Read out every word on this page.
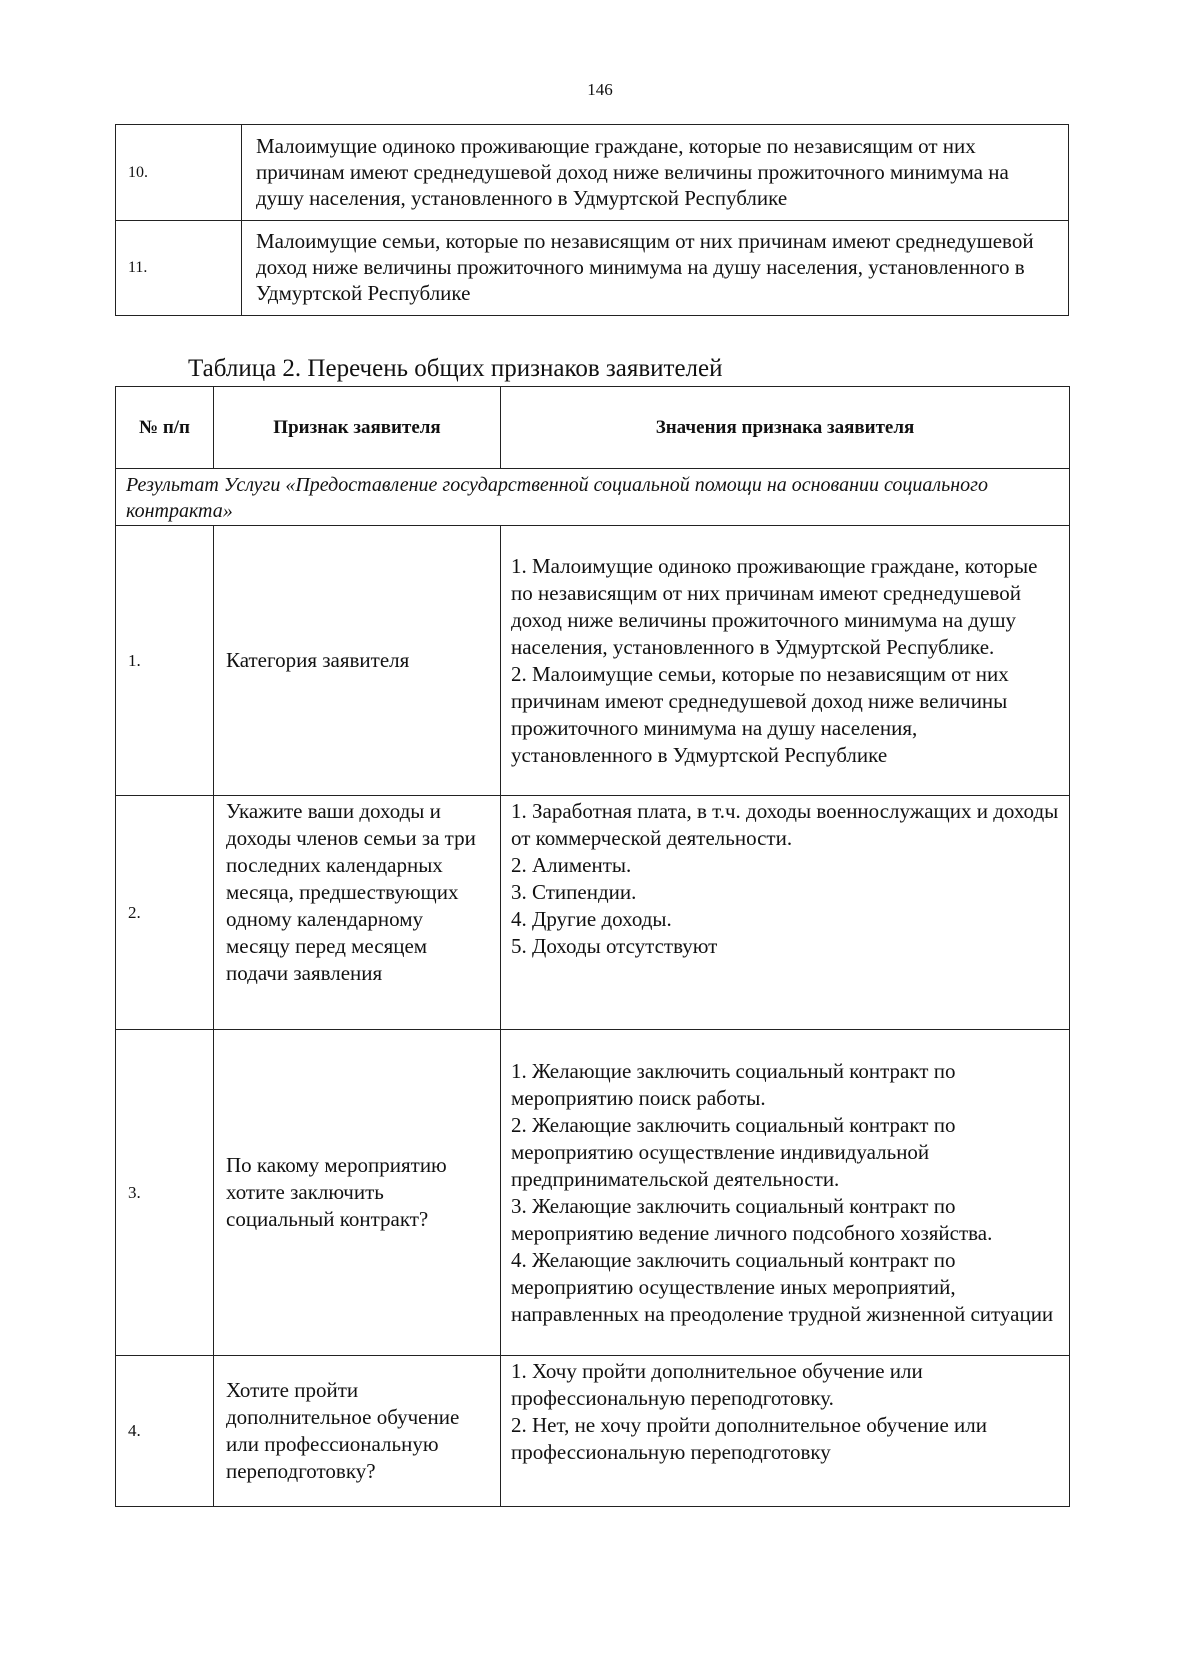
146
10.	Малоимущие одиноко проживающие граждане, которые по независящим от них причинам имеют среднедушевой доход ниже величины прожиточного минимума на душу населения, установленного в Удмуртской Республике
11.	Малоимущие семьи, которые по независящим от них причинам имеют среднедушевой доход ниже величины прожиточного минимума на душу населения, установленного в Удмуртской Республике
Таблица 2. Перечень общих признаков заявителей
№ п/п	Признак заявителя	Значения признака заявителя
Результат Услуги «Предоставление государственной социальной помощи на основании социального контракта»		
1.	Категория заявителя	1. Малоимущие одиноко проживающие граждане, которые по независящим от них причинам имеют среднедушевой доход ниже величины прожиточного минимума на душу населения, установленного в Удмуртской Республике.
2. Малоимущие семьи, которые по независящим от них причинам имеют среднедушевой доход ниже величины прожиточного минимума на душу населения, установленного в Удмуртской Республике

2.	Укажите ваши доходы и доходы членов семьи за три последних календарных месяца, предшествующих одному календарному месяцу перед месяцем подачи заявления	1. Заработная плата, в т.ч. доходы военнослужащих и доходы от коммерческой деятельности.
2. Алименты.
3. Стипендии.
4. Другие доходы.
5. Доходы отсутствуют

3.	По какому мероприятию хотите заключить социальный контракт?	1. Желающие заключить социальный контракт по мероприятию поиск работы.
2. Желающие заключить социальный контракт по мероприятию осуществление индивидуальной предпринимательской деятельности.
3. Желающие заключить социальный контракт по мероприятию ведение личного подсобного хозяйства.
4. Желающие заключить социальный контракт по мероприятию осуществление иных мероприятий, направленных на преодоление трудной жизненной ситуации

4.	Хотите пройти дополнительное обучение или профессиональную переподготовку?	1. Хочу пройти дополнительное обучение или профессиональную переподготовку.
2. Нет, не хочу пройти дополнительное обучение или профессиональную переподготовку
